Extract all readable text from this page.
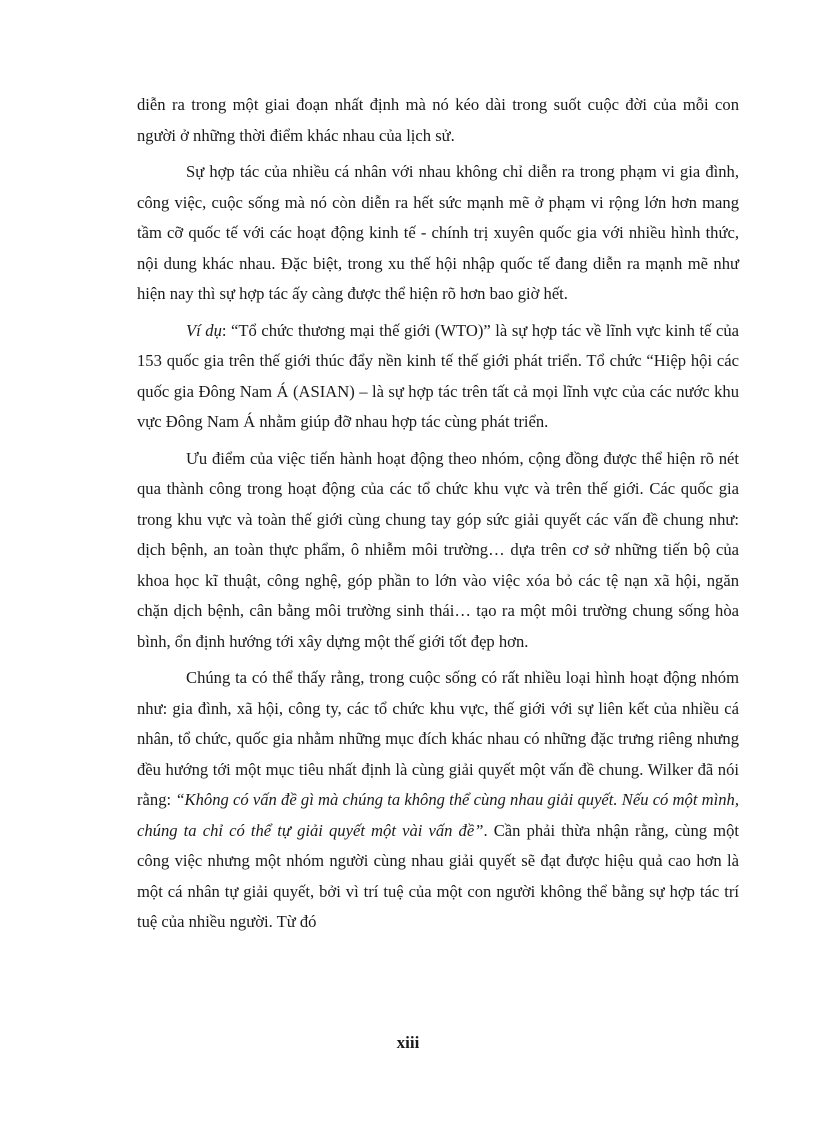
diễn ra trong một giai đoạn nhất định mà nó kéo dài trong suốt cuộc đời của mỗi con người ở những thời điểm khác nhau của lịch sử.

Sự hợp tác của nhiều cá nhân với nhau không chỉ diễn ra trong phạm vi gia đình, công việc, cuộc sống mà nó còn diễn ra hết sức mạnh mẽ ở phạm vi rộng lớn hơn mang tầm cỡ quốc tế với các hoạt động kinh tế - chính trị xuyên quốc gia với nhiều hình thức, nội dung khác nhau. Đặc biệt, trong xu thế hội nhập quốc tế đang diễn ra mạnh mẽ như hiện nay thì sự hợp tác ấy càng được thể hiện rõ hơn bao giờ hết.

Ví dụ: “Tổ chức thương mại thế giới (WTO)” là sự hợp tác về lĩnh vực kinh tế của 153 quốc gia trên thế giới thúc đẩy nền kinh tế thế giới phát triển. Tổ chức “Hiệp hội các quốc gia Đông Nam Á (ASIAN) – là sự hợp tác trên tất cả mọi lĩnh vực của các nước khu vực Đông Nam Á nhằm giúp đỡ nhau hợp tác cùng phát triển.

Ưu điểm của việc tiến hành hoạt động theo nhóm, cộng đồng được thể hiện rõ nét qua thành công trong hoạt động của các tổ chức khu vực và trên thế giới. Các quốc gia trong khu vực và toàn thế giới cùng chung tay góp sức giải quyết các vấn đề chung như: dịch bệnh, an toàn thực phẩm, ô nhiễm môi trường… dựa trên cơ sở những tiến bộ của khoa học kĩ thuật, công nghệ, góp phần to lớn vào việc xóa bỏ các tệ nạn xã hội, ngăn chặn dịch bệnh, cân bằng môi trường sinh thái… tạo ra một môi trường chung sống hòa bình, ổn định hướng tới xây dựng một thế giới tốt đẹp hơn.

Chúng ta có thể thấy rằng, trong cuộc sống có rất nhiều loại hình hoạt động nhóm như: gia đình, xã hội, công ty, các tổ chức khu vực, thế giới với sự liên kết của nhiều cá nhân, tổ chức, quốc gia nhằm những mục đích khác nhau có những đặc trưng riêng nhưng đều hướng tới một mục tiêu nhất định là cùng giải quyết một vấn đề chung. Wilker đã nói rằng: “Không có vấn đề gì mà chúng ta không thể cùng nhau giải quyết. Nếu có một mình, chúng ta chỉ có thể tự giải quyết một vài vấn đề”. Cần phải thừa nhận rằng, cùng một công việc nhưng một nhóm người cùng nhau giải quyết sẽ đạt được hiệu quả cao hơn là một cá nhân tự giải quyết, bởi vì trí tuệ của một con người không thể bằng sự hợp tác trí tuệ của nhiều người. Từ đó

xiii
